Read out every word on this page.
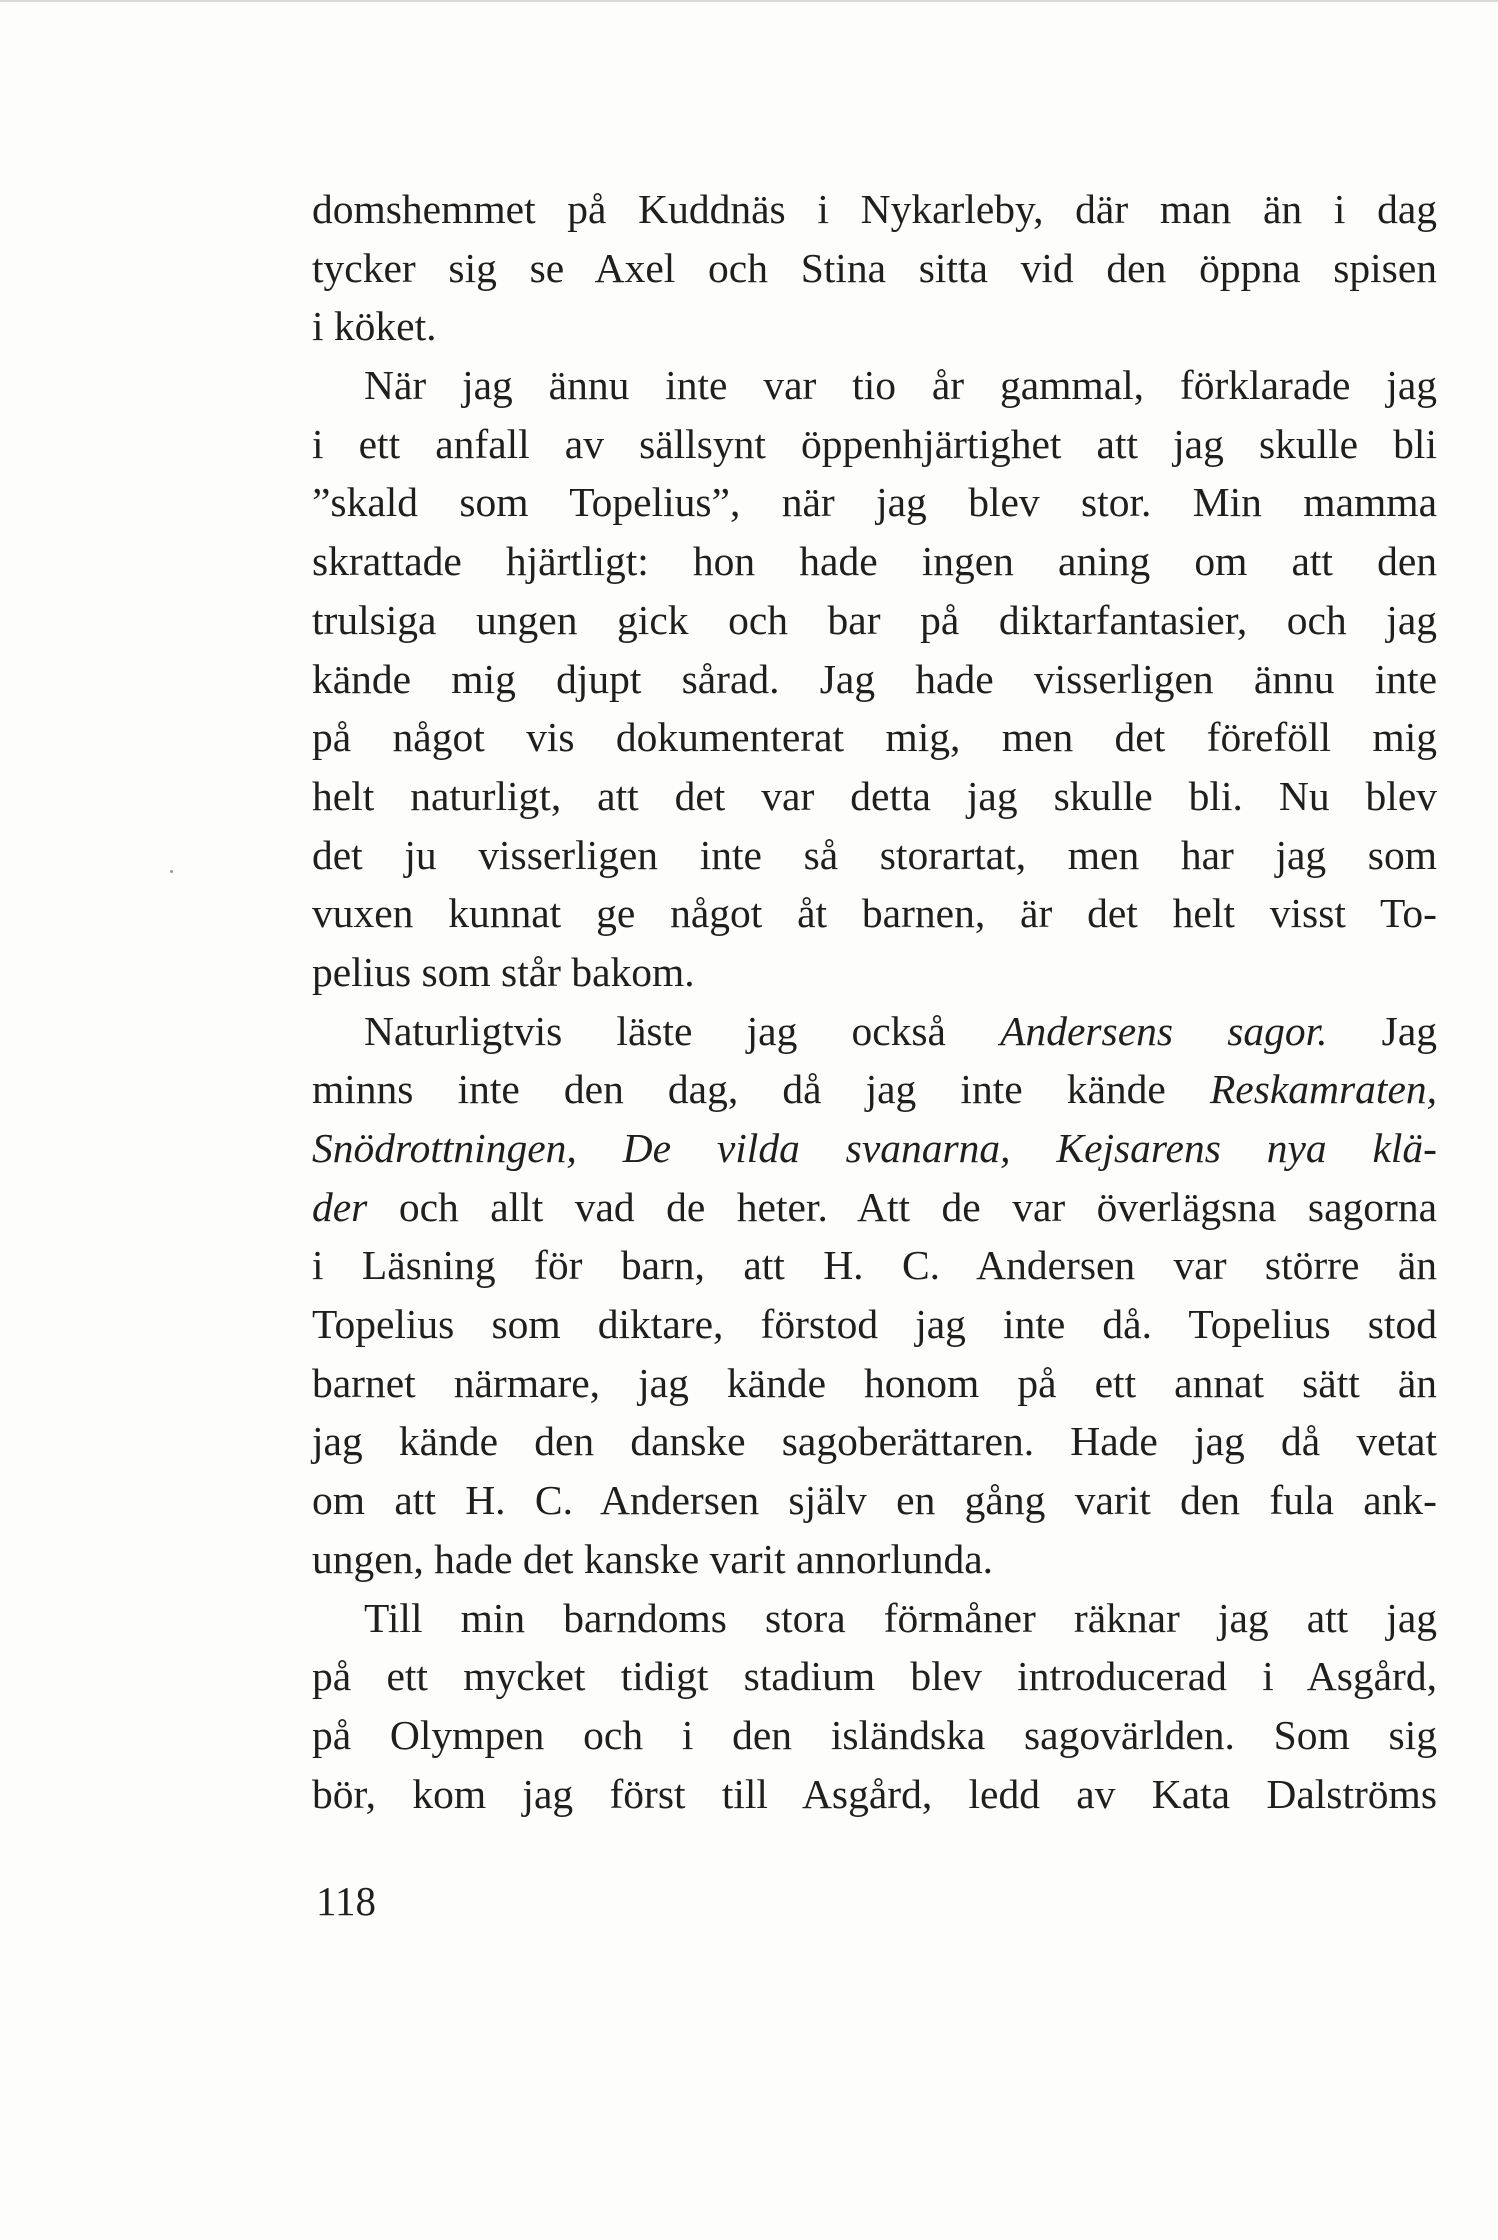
domshemmet på Kuddnäs i Nykarleby, där man än i dag
tycker sig se Axel och Stina sitta vid den öppna spisen
i köket.
När jag ännu inte var tio år gammal, förklarade jag
i ett anfall av sällsynt öppenhjärtighet att jag skulle bli
”skald som Topelius”, när jag blev stor. Min mamma
skrattade hjärtligt: hon hade ingen aning om att den
trulsiga ungen gick och bar på diktarfantasier, och jag
kände mig djupt sårad. Jag hade visserligen ännu inte
på något vis dokumenterat mig, men det föreföll mig
helt naturligt, att det var detta jag skulle bli. Nu blev
det ju visserligen inte så storartat, men har jag som
vuxen kunnat ge något åt barnen, är det helt visst To-
pelius som står bakom.
Naturligtvis läste jag också Andersens sagor. Jag
minns inte den dag, då jag inte kände Reskamraten,
Snödrottningen, De vilda svanarna, Kejsarens nya klä-
der och allt vad de heter. Att de var överlägsna sagorna
i Läsning för barn, att H. C. Andersen var större än
Topelius som diktare, förstod jag inte då. Topelius stod
barnet närmare, jag kände honom på ett annat sätt än
jag kände den danske sagoberättaren. Hade jag då vetat
om att H. C. Andersen själv en gång varit den fula ank-
ungen, hade det kanske varit annorlunda.
Till min barndoms stora förmåner räknar jag att jag
på ett mycket tidigt stadium blev introducerad i Asgård,
på Olympen och i den isländska sagovärlden. Som sig
bör, kom jag först till Asgård, ledd av Kata Dalströms
118
